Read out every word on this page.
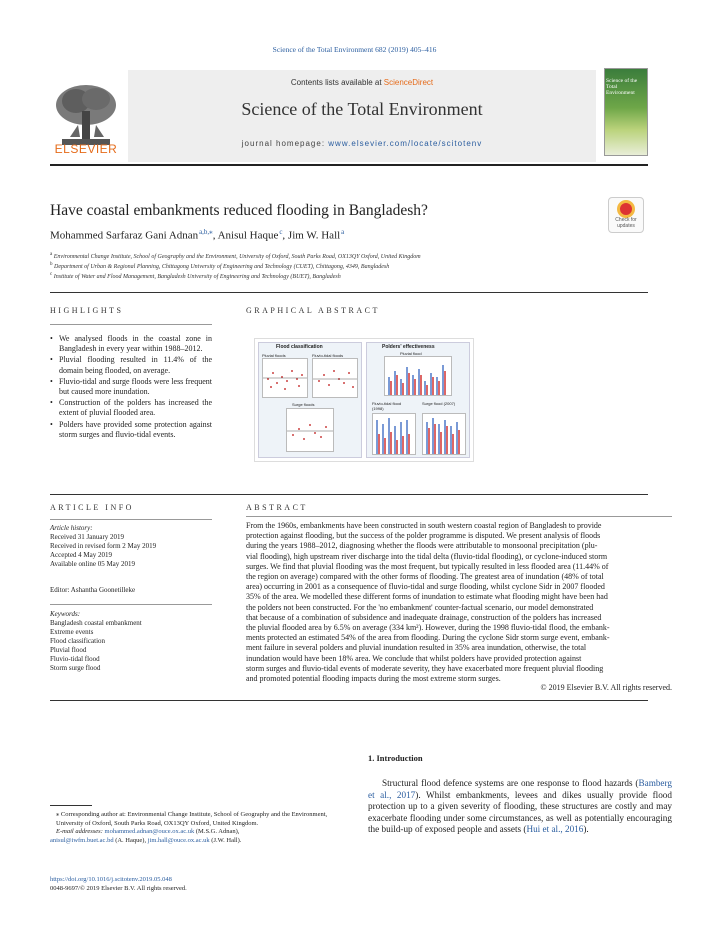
Science of the Total Environment 682 (2019) 405–416
ELSEVIER
Contents lists available at ScienceDirect
Science of the Total Environment
journal homepage: www.elsevier.com/locate/scitotenv
Science of the Total Environment
Have coastal embankments reduced flooding in Bangladesh?
Check for updates
Mohammed Sarfaraz Gani Adnan $^{a,b,⁎}$, Anisul Haque $^c$, Jim W. Hall $^a$
$^a$ Environmental Change Institute, School of Geography and the Environment, University of Oxford, South Parks Road, OX13QY Oxford, United Kingdom
$^b$ Department of Urban & Regional Planning, Chittagong University of Engineering and Technology (CUET), Chittagong, 4349, Bangladesh
$^c$ Institute of Water and Flood Management, Bangladesh University of Engineering and Technology (BUET), Bangladesh
HIGHLIGHTS
• We analysed floods in the coastal zone in Bangladesh in every year within 1988–2012.
• Pluvial flooding resulted in 11.4% of the domain being flooded, on average.
• Fluvio-tidal and surge floods were less frequent but caused more inundation.
• Construction of the polders has increased the extent of pluvial flooded area.
• Polders have provided some protection against storm surges and fluvio-tidal events.
GRAPHICAL ABSTRACT
Flood classification
Pluvial floods	Fluvio-tidal floods
Surge floods
Polders' effectiveness
Pluvial flood
Fluvio-tidal flood (1998)
Surge flood (2007)
ARTICLE INFO
Article history:
Received 31 January 2019
Received in revised form 2 May 2019
Accepted 4 May 2019
Available online 05 May 2019
Editor: Ashantha Goonetilleke
Keywords:
Bangladesh coastal embankment
Extreme events
Flood classification
Pluvial flood
Fluvio-tidal flood
Storm surge flood
ABSTRACT
From the 1960s, embankments have been constructed in south western coastal region of Bangladesh to provide
protection against flooding, but the success of the polder programme is disputed. We present analysis of floods
during the years 1988–2012, diagnosing whether the floods were attributable to monsoonal precipitation (plu-
vial flooding), high upstream river discharge into the tidal delta (fluvio-tidal flooding), or cyclone-induced storm
surges. We find that pluvial flooding was the most frequent, but typically resulted in less flooded area (11.44% of
the region on average) compared with the other forms of flooding. The greatest area of inundation (48% of total
area) occurring in 2001 as a consequence of fluvio-tidal and surge flooding, whilst cyclone Sidr in 2007 flooded
35% of the area. We modelled these different forms of inundation to estimate what flooding might have been had
the polders not been constructed. For the 'no embankment' counter-factual scenario, our model demonstrated
that because of a combination of subsidence and inadequate drainage, construction of the polders has increased
the pluvial flooded area by 6.5% on average (334 km²). However, during the 1998 fluvio-tidal flood, the embank-
ments protected an estimated 54% of the area from flooding. During the cyclone Sidr storm surge event, embank-
ment failure in several polders and pluvial inundation resulted in 35% area inundation, otherwise, the total
inundation would have been 18% area. We conclude that whilst polders have provided protection against
storm surges and fluvio-tidal events of moderate severity, they have exacerbated more frequent pluvial flooding
and promoted potential flooding impacts during the most extreme storm surges.
© 2019 Elsevier B.V. All rights reserved.
1. Introduction
Structural flood defence systems are one response to flood hazards (Bamberg et al., 2017). Whilst embankments, levees and dikes usually provide flood protection up to a given severity of flooding, these structures are costly and may exacerbate flooding under some circumstances, as well as potentially encouraging the build-up of exposed people and assets (Hui et al., 2016).
⁎ Corresponding author at: Environmental Change Institute, School of Geography and the Environment, University of Oxford, South Parks Road, OX13QY Oxford, United Kingdom.
E-mail addresses: mohammed.adnan@ouce.ox.ac.uk (M.S.G. Adnan),
anisul@iwfm.buet.ac.bd (A. Haque), jim.hall@ouce.ox.ac.uk (J.W. Hall).
https://doi.org/10.1016/j.scitotenv.2019.05.048
0048-9697/© 2019 Elsevier B.V. All rights reserved.
